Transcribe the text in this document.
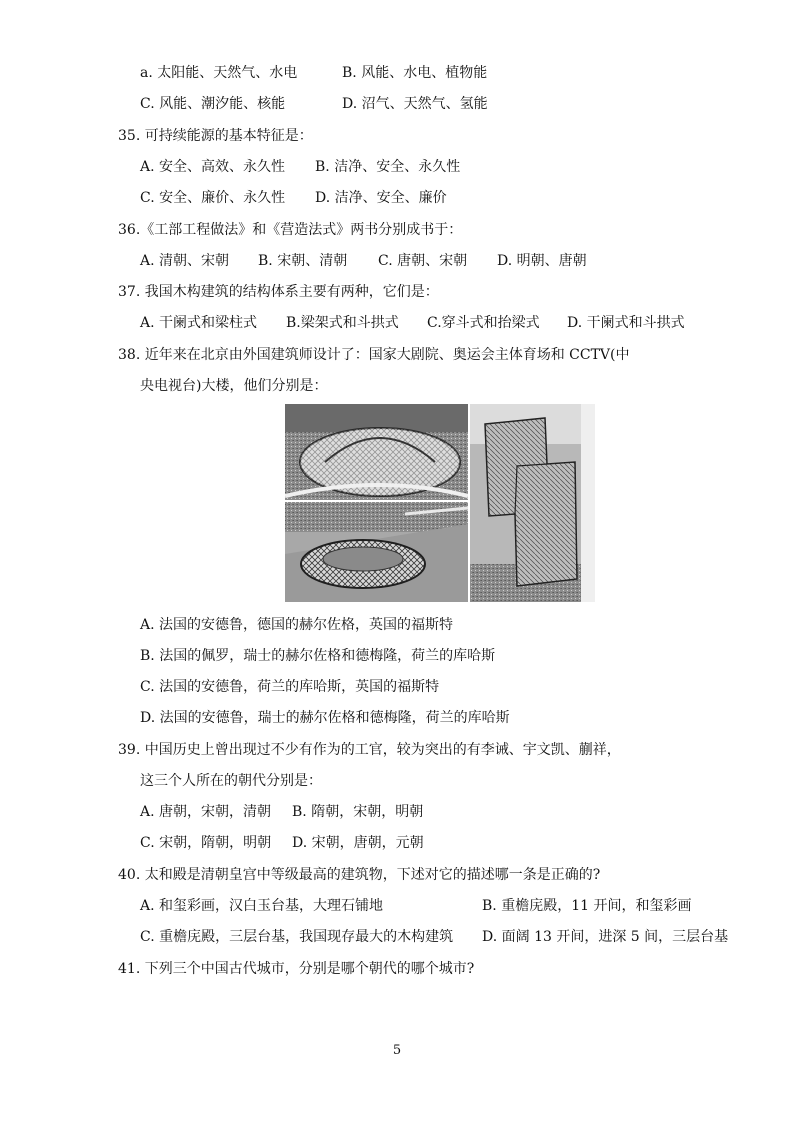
a. 太阳能、天然气、水电	B. 风能、水电、植物能
C. 风能、潮汐能、核能	D. 沼气、天然气、氢能
35. 可持续能源的基本特征是：
A. 安全、高效、永久性 B. 洁净、安全、永久性
C. 安全、廉价、永久性 D. 洁净、安全、廉价
36.《工部工程做法》和《营造法式》两书分别成书于：
A. 清朝、宋朝 B. 宋朝、清朝 C. 唐朝、宋朝 D. 明朝、唐朝
37. 我国木构建筑的结构体系主要有两种，它们是：
A. 干阑式和梁柱式 B.梁架式和斗拱式 C.穿斗式和抬梁式 D. 干阑式和斗拱式
38. 近年来在北京由外国建筑师设计了：国家大剧院、奥运会主体育场和 CCTV(中
央电视台)大楼，他们分别是：
A. 法国的安德鲁，德国的赫尔佐格，英国的福斯特
B. 法国的佩罗，瑞士的赫尔佐格和德梅隆，荷兰的库哈斯
C. 法国的安德鲁，荷兰的库哈斯，英国的福斯特
D. 法国的安德鲁，瑞士的赫尔佐格和德梅隆，荷兰的库哈斯
39. 中国历史上曾出现过不少有作为的工官，较为突出的有李诫、宇文凯、蒯祥，
这三个人所在的朝代分别是：
A. 唐朝，宋朝，清朝 B. 隋朝，宋朝，明朝
C. 宋朝，隋朝，明朝 D. 宋朝，唐朝，元朝
40. 太和殿是清朝皇宫中等级最高的建筑物，下述对它的描述哪一条是正确的?
A. 和玺彩画，汉白玉台基，大理石铺地	B. 重檐庑殿，11 开间，和玺彩画
C. 重檐庑殿，三层台基，我国现存最大的木构建筑 D. 面阔 13 开间，进深 5 间，三层台基
41. 下列三个中国古代城市，分别是哪个朝代的哪个城市?
5
